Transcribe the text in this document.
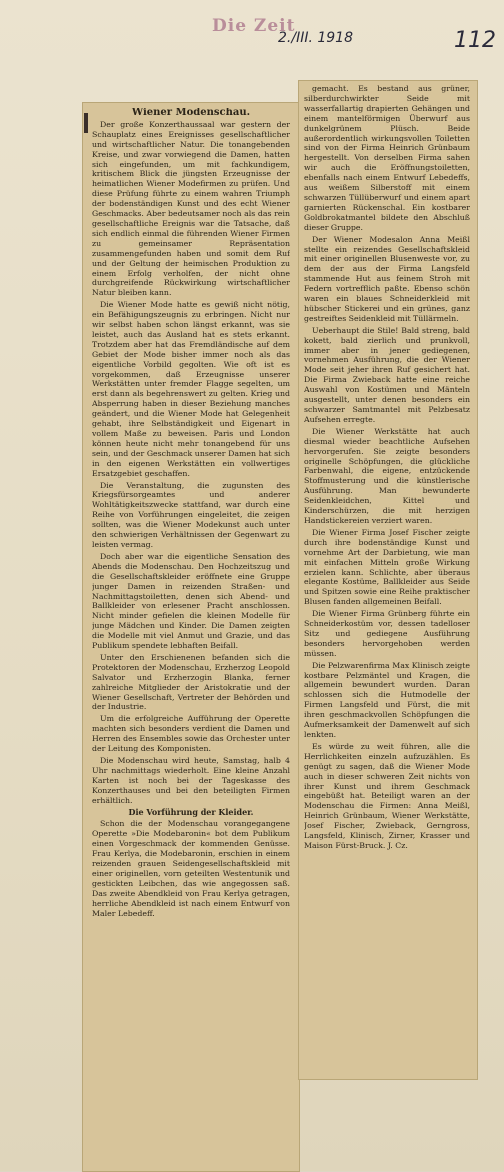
Die Zeit
2./III. 1918	112

Wiener Modenschau.

Der große Konzerthaussaal war gestern der Schauplatz eines Ereignisses gesellschaftlicher und wirtschaftlicher Natur. Die tonangebenden Kreise, und zwar vorwiegend die Damen, hatten sich eingefunden, um mit fachkundigem, kritischem Blick die jüngsten Erzeugnisse der heimatlichen Wiener Modefirmen zu prüfen. Und diese Prüfung führte zu einem wahren Triumph der bodenständigen Kunst und des echt Wiener Geschmacks. Aber bedeutsamer noch als das rein gesellschaftliche Ereignis war die Tatsache, daß sich endlich einmal die führenden Wiener Firmen zu gemeinsamer Repräsentation zusammengefunden haben und somit dem Ruf und der Geltung der heimischen Produktion zu einem Erfolg verholfen, der nicht ohne durchgreifende Rückwirkung wirtschaftlicher Natur bleiben kann.

Die Wiener Mode hatte es gewiß nicht nötig, ein Befähigungszeugnis zu erbringen. Nicht nur wir selbst haben schon längst erkannt, was sie leistet, auch das Ausland hat es stets erkannt. Trotzdem aber hat das Fremdländische auf dem Gebiet der Mode bisher immer noch als das eigentliche Vorbild gegolten. Wie oft ist es vorgekommen, daß Erzeugnisse unserer Werkstätten unter fremder Flagge segelten, um erst dann als begehrenswert zu gelten. Krieg und Absperrung haben in dieser Beziehung manches geändert, und die Wiener Mode hat Gelegenheit gehabt, ihre Selbständigkeit und Eigenart in vollem Maße zu beweisen. Paris und London können heute nicht mehr tonangebend für uns sein, und der Geschmack unserer Damen hat sich in den eigenen Werkstätten ein vollwertiges Ersatzgebiet geschaffen.

Die Veranstaltung, die zugunsten des Kriegsfürsorgeamtes und anderer Wohltätigkeitszwecke stattfand, war durch eine Reihe von Vorführungen eingeleitet, die zeigen sollten, was die Wiener Modekunst auch unter den schwierigen Verhältnissen der Gegenwart zu leisten vermag.

Doch aber war die eigentliche Sensation des Abends die Modenschau. Den Hochzeitszug und die Gesellschaftskleider eröffnete eine Gruppe junger Damen in reizenden Straßen- und Nachmittagstoiletten, denen sich Abend- und Ballkleider von erlesener Pracht anschlossen. Nicht minder gefielen die kleinen Modelle für junge Mädchen und Kinder. Die Damen zeigten die Modelle mit viel Anmut und Grazie, und das Publikum spendete lebhaften Beifall.

Unter den Erschienenen befanden sich die Protektoren der Modenschau, Erzherzog Leopold Salvator und Erzherzogin Blanka, ferner zahlreiche Mitglieder der Aristokratie und der Wiener Gesellschaft, Vertreter der Behörden und der Industrie.

Um die erfolgreiche Aufführung der Operette machten sich besonders verdient die Damen und Herren des Ensembles sowie das Orchester unter der Leitung des Komponisten.

Die Modenschau wird heute, Samstag, halb 4 Uhr nachmittags wiederholt. Eine kleine Anzahl Karten ist noch bei der Tageskasse des Konzerthauses und bei den beteiligten Firmen erhältlich.

Die Vorführung der Kleider.

Schon die der Modenschau vorangegangene Operette »Die Modebaronin« bot dem Publikum einen Vorgeschmack der kommenden Genüsse. Frau Kerlya, die Modebaronin, erschien in einem reizenden grauen Seidengesellschaftskleid mit einer originellen, vorn geteilten Westentunik und gestickten Leibchen, das wie angegossen saß. Das zweite Abendkleid von Frau Kerlya getragen, herrliche Abendkleid ist nach einem Entwurf von Maler Lebedeff.

gemacht. Es bestand aus grüner, silberdurchwirkter Seide mit wasserfallartig drapierten Gehängen und einem mantelförmigen Überwurf aus dunkelgrünem Plüsch. Beide außerordentlich wirkungsvollen Toiletten sind von der Firma Heinrich Grünbaum hergestellt. Von derselben Firma sahen wir auch die Eröffnungstoiletten, ebenfalls nach einem Entwurf Lebedeffs, aus weißem Silberstoff mit einem schwarzen Tüllüberwurf und einem apart garnierten Rückenschal. Ein kostbarer Goldbrokatmantel bildete den Abschluß dieser Gruppe.

Der Wiener Modesalon Anna Meißl stellte ein reizendes Gesellschaftskleid mit einer originellen Blusenweste vor, zu dem der aus der Firma Langsfeld stammende Hut aus feinem Stroh mit Federn vortrefflich paßte. Ebenso schön waren ein blaues Schneiderkleid mit hübscher Stickerei und ein grünes, ganz gestreiftes Seidenkleid mit Tüllärmeln.

Ueberhaupt die Stile! Bald streng, bald kokett, bald zierlich und prunkvoll, immer aber in jener gediegenen, vornehmen Ausführung, die der Wiener Mode seit jeher ihren Ruf gesichert hat. Die Firma Zwieback hatte eine reiche Auswahl von Kostümen und Mänteln ausgestellt, unter denen besonders ein schwarzer Samtmantel mit Pelzbesatz Aufsehen erregte.

Die Wiener Werkstätte hat auch diesmal wieder beachtliche Aufsehen hervorgerufen. Sie zeigte besonders originelle Schöpfungen, die glückliche Farbenwahl, die eigene, entzückende Stoffmusterung und die künstlerische Ausführung. Man bewunderte Seidenkleidchen, Kittel und Kinderschürzen, die mit herzigen Handstickereien verziert waren.

Die Wiener Firma Josef Fischer zeigte durch ihre bodenständige Kunst und vornehme Art der Darbietung, wie man mit einfachen Mitteln große Wirkung erzielen kann. Schlichte, aber überaus elegante Kostüme, Ballkleider aus Seide und Spitzen sowie eine Reihe praktischer Blusen fanden allgemeinen Beifall.

Die Wiener Firma Grünberg führte ein Schneiderkostüm vor, dessen tadelloser Sitz und gediegene Ausführung besonders hervorgehoben werden müssen.

Die Pelzwarenfirma Max Klinisch zeigte kostbare Pelzmäntel und Kragen, die allgemein bewundert wurden. Daran schlossen sich die Hutmodelle der Firmen Langsfeld und Fürst, die mit ihren geschmackvollen Schöpfungen die Aufmerksamkeit der Damenwelt auf sich lenkten.

Es würde zu weit führen, alle die Herrlichkeiten einzeln aufzuzählen. Es genügt zu sagen, daß die Wiener Mode auch in dieser schweren Zeit nichts von ihrer Kunst und ihrem Geschmack eingebüßt hat. Beteiligt waren an der Modenschau die Firmen: Anna Meißl, Heinrich Grünbaum, Wiener Werkstätte, Josef Fischer, Zwieback, Gerngross, Langsfeld, Klinisch, Zirner, Krasser und Maison Fürst-Bruck. J. Cz.
